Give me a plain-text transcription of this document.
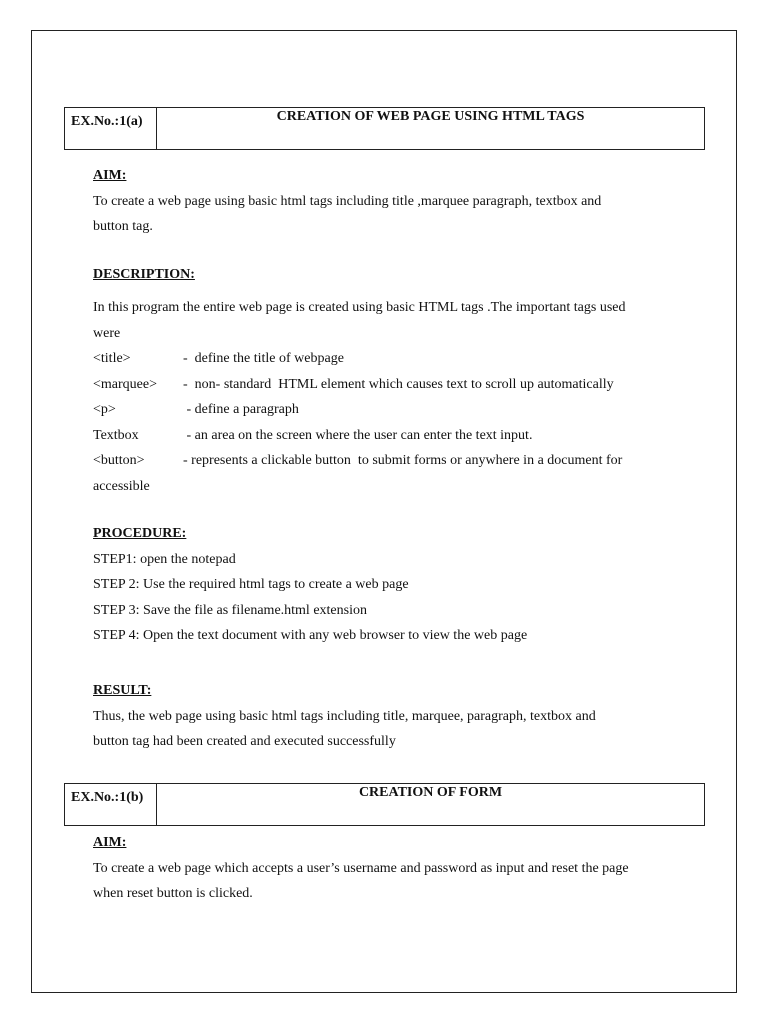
EX.No.:1(a)	CREATION OF WEB PAGE USING HTML TAGS
AIM:
To create a web page using basic html tags including title ,marquee paragraph, textbox and
button tag.
DESCRIPTION:
In this program the entire web page is created using basic HTML tags .The important tags used
were
<title>	-  define the title of webpage
<marquee>	-  non- standard  HTML element which causes text to scroll up automatically
<p>	- define a paragraph
Textbox	- an area on the screen where the user can enter the text input.
<button>	- represents a clickable button  to submit forms or anywhere in a document for
accessible
PROCEDURE:
STEP1: open the notepad
STEP 2: Use the required html tags to create a web page
STEP 3: Save the file as filename.html extension
STEP 4: Open the text document with any web browser to view the web page
RESULT:
Thus, the web page using basic html tags including title, marquee, paragraph, textbox and
button tag had been created and executed successfully
EX.No.:1(b)	CREATION OF FORM
AIM:
To create a web page which accepts a user’s username and password as input and reset the page
when reset button is clicked.
